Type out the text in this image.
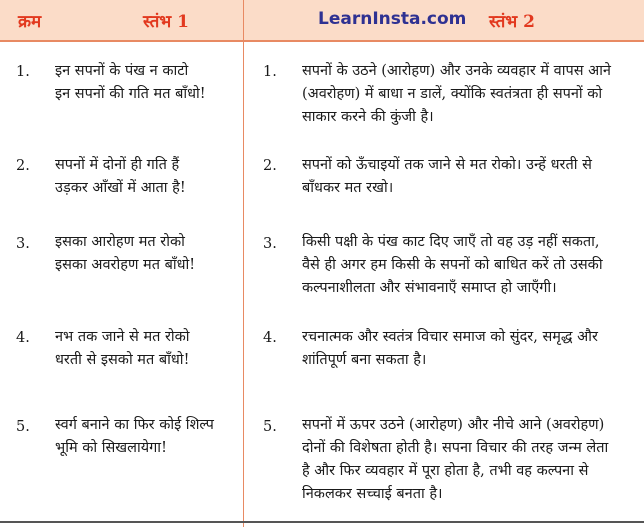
क्रम	स्तंभ 1	LearnInsta.com स्तंभ 2
1. इन सपनों के पंख न काटो
इन सपनों की गति मत बाँधो!
1. सपनों के उठने (आरोहण) और उनके व्यवहार में वापस आने
(अवरोहण) में बाधा न डालें, क्योंकि स्वतंत्रता ही सपनों को
साकार करने की कुंजी है।
2. सपनों में दोनों ही गति हैं
उड़कर आँखों में आता है!
2. सपनों को ऊँचाइयों तक जाने से मत रोको। उन्हें धरती से
बाँधकर मत रखो।
3. इसका आरोहण मत रोको
इसका अवरोहण मत बाँधो!
3. किसी पक्षी के पंख काट दिए जाएँ तो वह उड़ नहीं सकता,
वैसे ही अगर हम किसी के सपनों को बाधित करें तो उसकी
कल्पनाशीलता और संभावनाएँ समाप्त हो जाएँगी।
4. नभ तक जाने से मत रोको
धरती से इसको मत बाँधो!
4. रचनात्मक और स्वतंत्र विचार समाज को सुंदर, समृद्ध और
शांतिपूर्ण बना सकता है।
5. स्वर्ग बनाने का फिर कोई शिल्प
भूमि को सिखलायेगा!
5. सपनों में ऊपर उठने (आरोहण) और नीचे आने (अवरोहण)
दोनों की विशेषता होती है। सपना विचार की तरह जन्म लेता
है और फिर व्यवहार में पूरा होता है, तभी वह कल्पना से
निकलकर सच्चाई बनता है।
